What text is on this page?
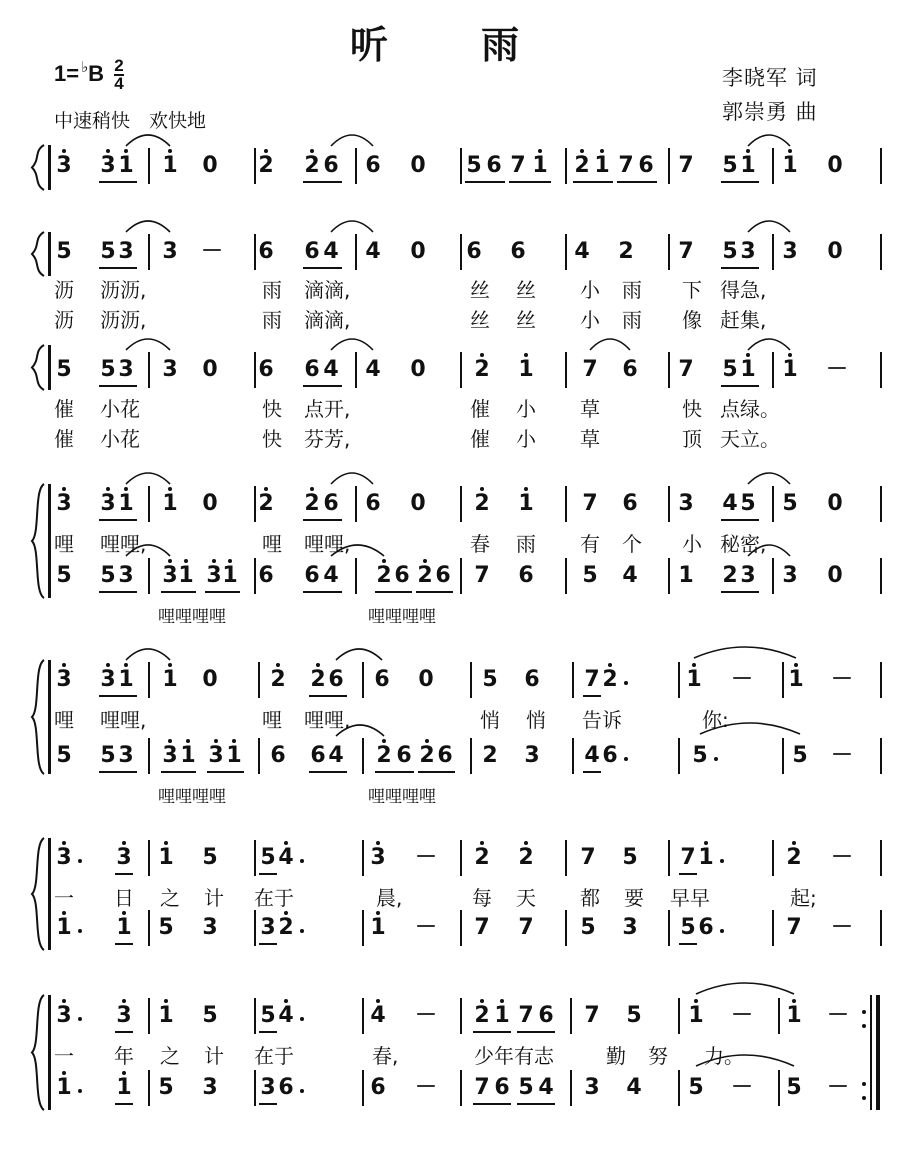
听 雨
$1= ^♭B \frac{2}{4}$
中速稍快　欢快地
李晓军 词
郭崇勇 曲
3 3 1 1 0 2 2 6 6 0 5 6 7 1 2 1 7 6 7 5 1 1 0
5 5 3 3 － 6 6 4 4 0 6 6 4 2 7 5 3 3 0
5 5 3 3 0 6 6 4 4 0 2 1 7 6 7 5 1 1 －
3 3 1 1 0 2 2 6 6 0 2 1 7 6 3 4 5 5 0
5 5 3 3 1 3 1 6 6 4 2 6 2 6 7 6 5 4 1 2 3 3 0
3 3 1 1 0 2 2 6 6 0 5 6 7 2	1 － 1 －
5 5 3 3 1 3 1 6 6 4 2 6 2 6 2 3 4 6	5	5 －
3 3 1 5 5 4	3 － 2 2 7 5 7 1	2 －
1 1 5 3 3 2	1 － 7 7 5 3 5 6	7 －
3 3 1 5 5 4	4 － 2 1 7 6 7 5 1 － 1 －
1 1 5 3 3 6	6 － 7 6 5 4 3 4 5 － 5 －
沥 沥沥,	雨 滴滴,	丝 丝 小 雨 下 得急,
沥 沥沥,	雨 滴滴,	丝 丝 小 雨 像 赶集,
催 小花	快 点开,	催 小 草	快 点绿。
催 小花	快 芬芳,	催 小 草	顶 天立。
哩 哩哩,	哩 哩哩,	春 雨 有 个 小 秘密,
哩哩哩哩	哩哩哩哩
哩 哩哩,	哩 哩哩,	悄 悄 告诉	你:
哩哩哩哩	哩哩哩哩
一 日 之 计 在于	晨,	每 天 都 要 早早	起;
一 年 之 计 在于	春,	少年有志	勤 努 力。
